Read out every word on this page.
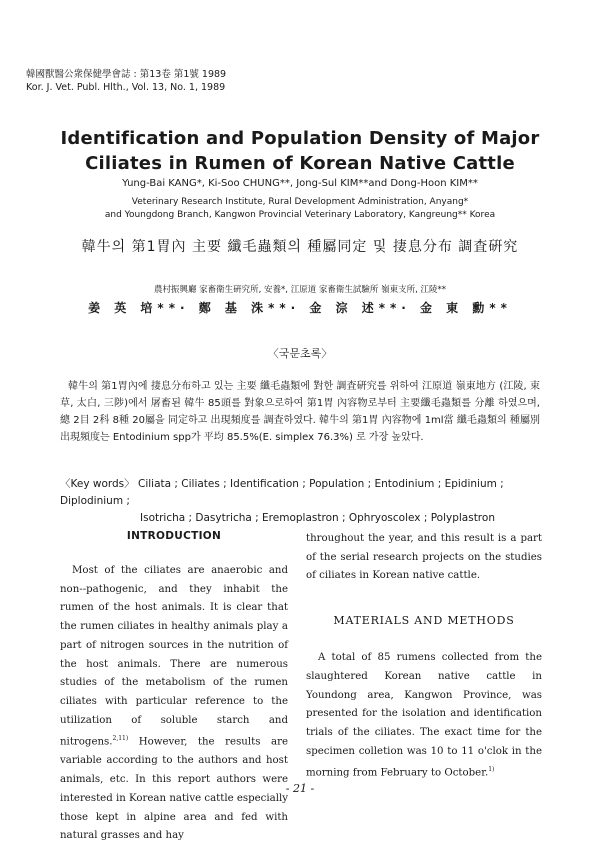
韓國獸醫公衆保健學會誌 : 第13卷 第1號 1989
Kor. J. Vet. Publ. Hlth., Vol. 13, No. 1, 1989
Identification and Population Density of Major
Ciliates in Rumen of Korean Native Cattle
Yung-Bai KANG*, Ki-Soo CHUNG**, Jong-Sul KIM**and Dong-Hoon KIM**
Veterinary Research Institute, Rural Development Administration, Anyang*
and Youngdong Branch, Kangwon Provincial Veterinary Laboratory, Kangreung** Korea
韓牛의 第1胃內 主要 纖毛蟲類의 種屬同定 및 捿息分布 調査硏究
農村振興廳 家畜衛生硏究所, 安養*, 江原道 家畜衛生試驗所 嶺東支所, 江陵**
姜 英 培**· 鄭 基 洙**· 金 淙 述**· 金 東 勳**
〈국문초록〉

韓牛의 第1胃內에 捿息分布하고 있는 主要 纖毛蟲類에 對한 調査硏究를 위하여 江原道 嶺東地方 (江陵, 束草, 太白, 三陟)에서 屠畜된 韓牛 85頭를 對象으로하여 第1胃 內容物로부터 主要纖毛蟲類를 分離 하였으며, 總 2目 2科 8種 20屬을 同定하고 出現頻度를 調査하였다. 韓牛의 第1胃 內容物에 1ml當 纖毛蟲類의 種屬別 出現頻度는 Entodinium spp가 平均 85.5%(E. simplex 76.3%) 로 가장 높았다.

〈Key words〉 Ciliata ; Ciliates ; Identification ; Population ; Entodinium ; Epidinium ; Diplodinium ;
Isotricha ; Dasytricha ; Eremoplastron ; Ophryoscolex ; Polyplastron
INTRODUCTION

Most of the ciliates are anaerobic and non--pathogenic, and they inhabit the rumen of the host animals. It is clear that the rumen ciliates in healthy animals play a part of nitrogen sources in the nutrition of the host animals. There are numerous studies of the metabolism of the rumen ciliates with particular reference to the utilization of soluble starch and nitrogens.$^{2,11)}$ However, the results are variable according to the authors and host animals, etc. In this report authors were interested in Korean native cattle especially those kept in alpine area and fed with natural grasses and hay

throughout the year, and this result is a part of the serial research projects on the studies of ciliates in Korean native cattle.

MATERIALS AND METHODS

A total of 85 rumens collected from the slaughtered Korean native cattle in Youndong area, Kangwon Province, was presented for the isolation and identification trials of the ciliates. The exact time for the specimen colletion was 10 to 11 o'clok in the morning from February to October.$^{1)}$

- 21 -
